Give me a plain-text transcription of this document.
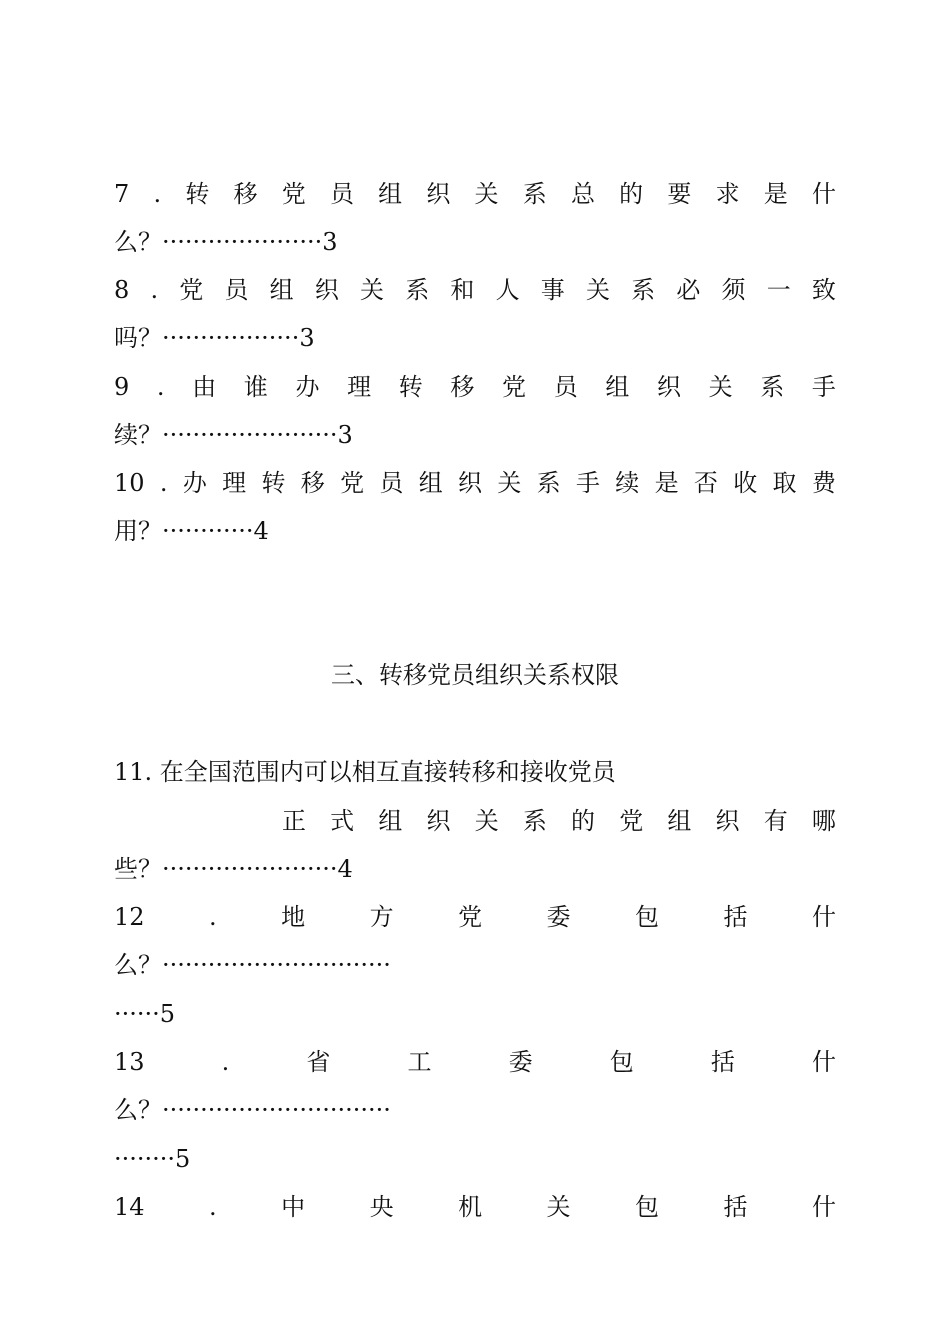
7 . 转 移 党 员 组 织 关 系 总 的 要 求 是 什
么？·····················3
8 . 党 员 组 织 关 系 和 人 事 关 系 必 须 一 致
吗？··················3
9 . 由 谁 办 理 转 移 党 员 组 织 关 系 手
续？·······················3
10 . 办 理 转 移 党 员 组 织 关 系 手 续 是 否 收 取 费
用？············4
三、转移党员组织关系权限
11. 在全国范围内可以相互直接转移和接收党员
正 式 组 织 关 系 的 党 组 织 有 哪
些？·······················4
12	.	地	方	党	委	包	括	什
么？······························
······5
13	.	省	工	委	包	括	什
么？······························
········5
14	.	中	央	机	关	包	括	什
